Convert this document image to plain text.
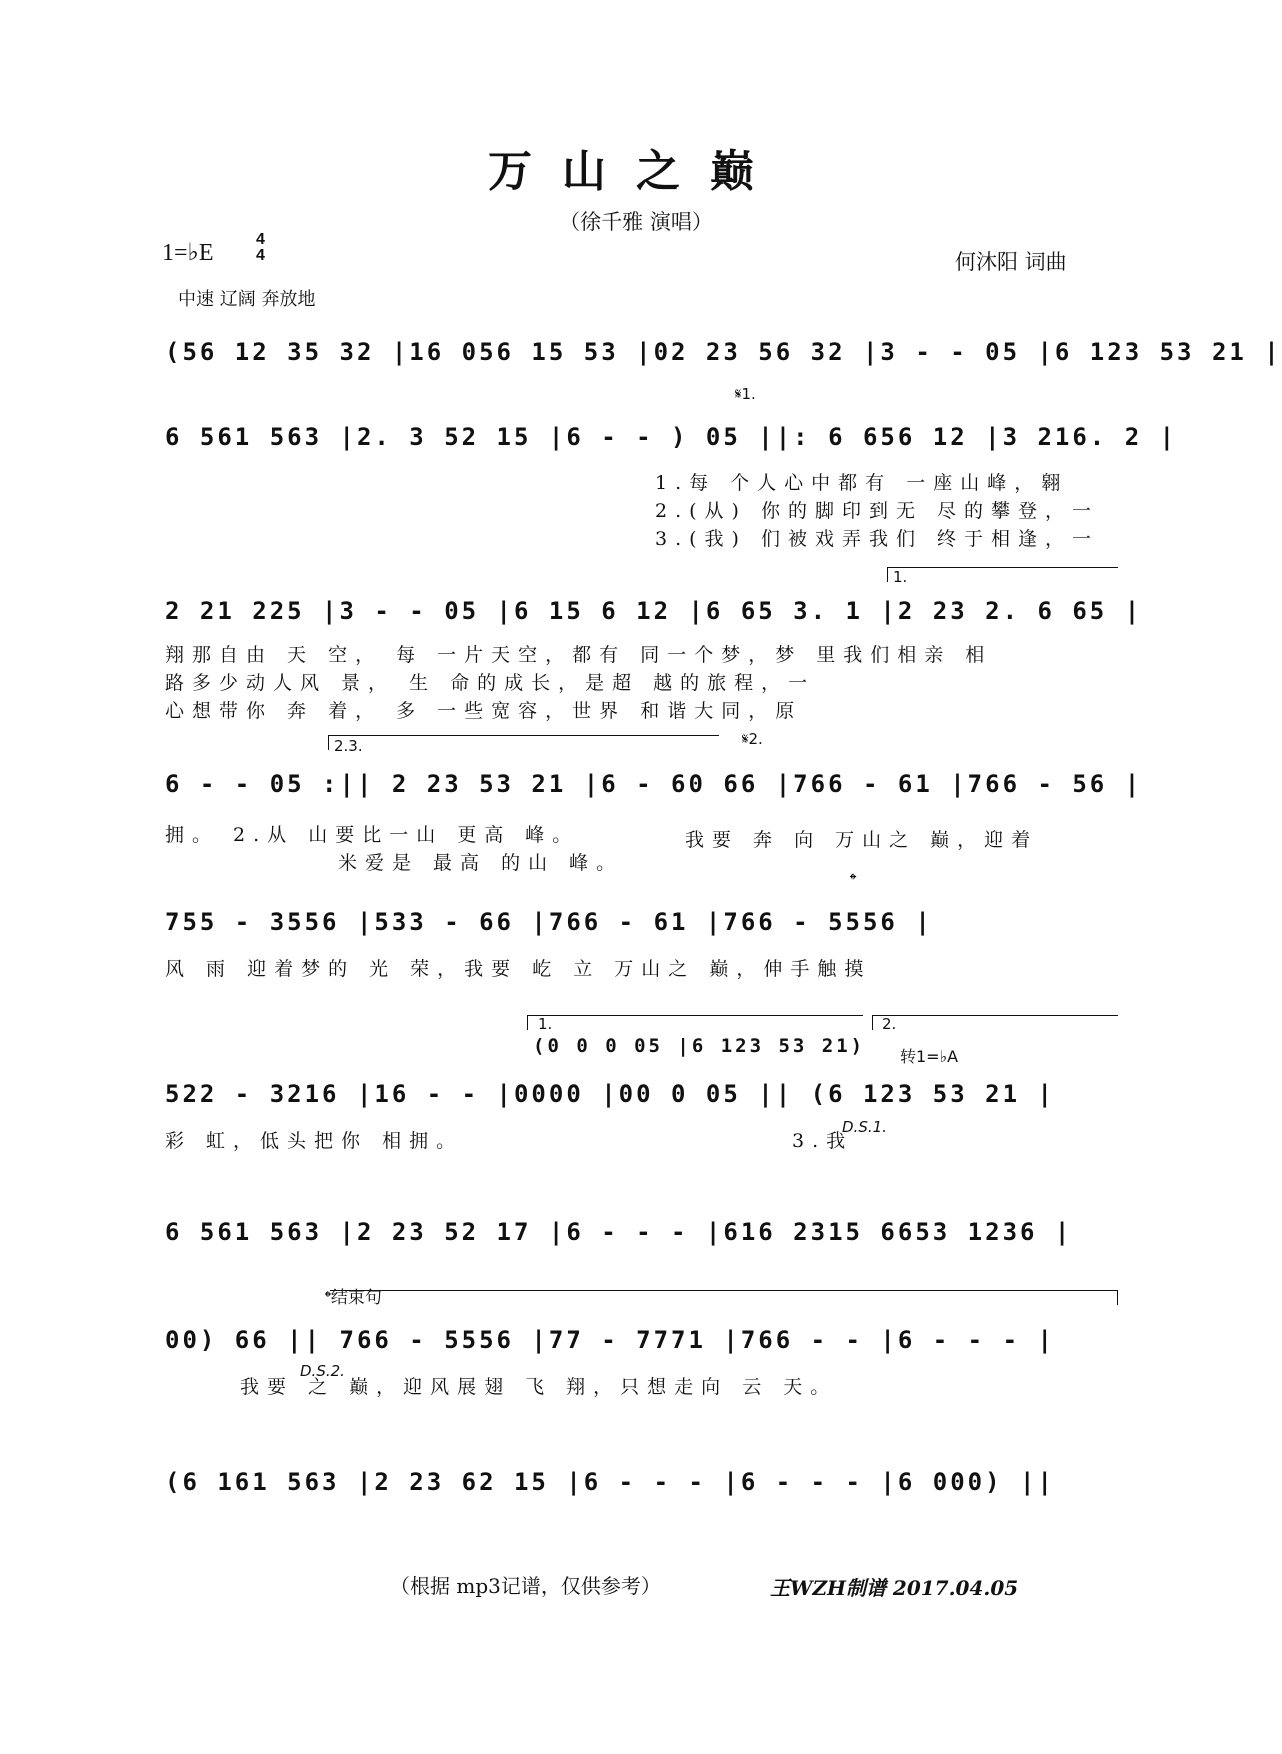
万山之巅
（徐千雅 演唱）
1=♭E
4
4	何沐阳 词曲
中速 辽阔 奔放地
(56 12 35 32 |16 056 15 53 |02 23 56 32 |3 - - 05 |6 123 53 21 |
𝄋1.
6 561 563 |2. 3 52 15 |6 - - ) 05 ||: 6 656 12 |3 216. 2 |
1.每 个人心中都有 一座山峰，翱
2.(从) 你的脚印到无 尽的攀登，一
3.(我) 们被戏弄我们 终于相逢，一
1.
2 21 225 |3 - - 05 |6 15 6 12 |6 65 3. 1 |2 23 2. 6 65 |
翔那自由 天 空， 每 一片天空，都有 同一个梦，梦 里我们相亲 相
路多少动人风 景， 生 命的成长，是超 越的旅程，一
心想带你 奔 着， 多 一些宽容，世界 和谐大同，原
2.3.	𝄋2.
6 - - 05 :|| 2 23 53 21 |6 - 60 66 |766 - 61 |766 - 56 |
拥。 2.从 山要比一山 更高 峰。
米爱是 最高 的山 峰。
我要 奔 向 万山之 巅，迎着
𝄌
755 - 3556 |533 - 66 |766 - 61 |766 - 5556 |
风 雨 迎着梦的 光 荣，我要 屹 立 万山之 巅，伸手触摸
1.
(0 0 0 05 |6 123 53 21)
2.
转1=♭A
522 - 3216 |16 - - |0000 |00 0 05 || (6 123 53 21 |
彩 虹，低头把你 相拥。	3.我
D.S.1.
6 561 563 |2 23 52 17 |6 - - - |616 2315 6653 1236 |
𝄌结束句
00) 66 || 766 - 5556 |77 - 7771 |766 - - |6 - - - |
D.S.2.
我要 之 巅，迎风展翅 飞 翔，只想走向 云 天。
(6 161 563 |2 23 62 15 |6 - - - |6 - - - |6 000) ||
（根据 mp3记谱，仅供参考）	王WZH制谱 2017.04.05
